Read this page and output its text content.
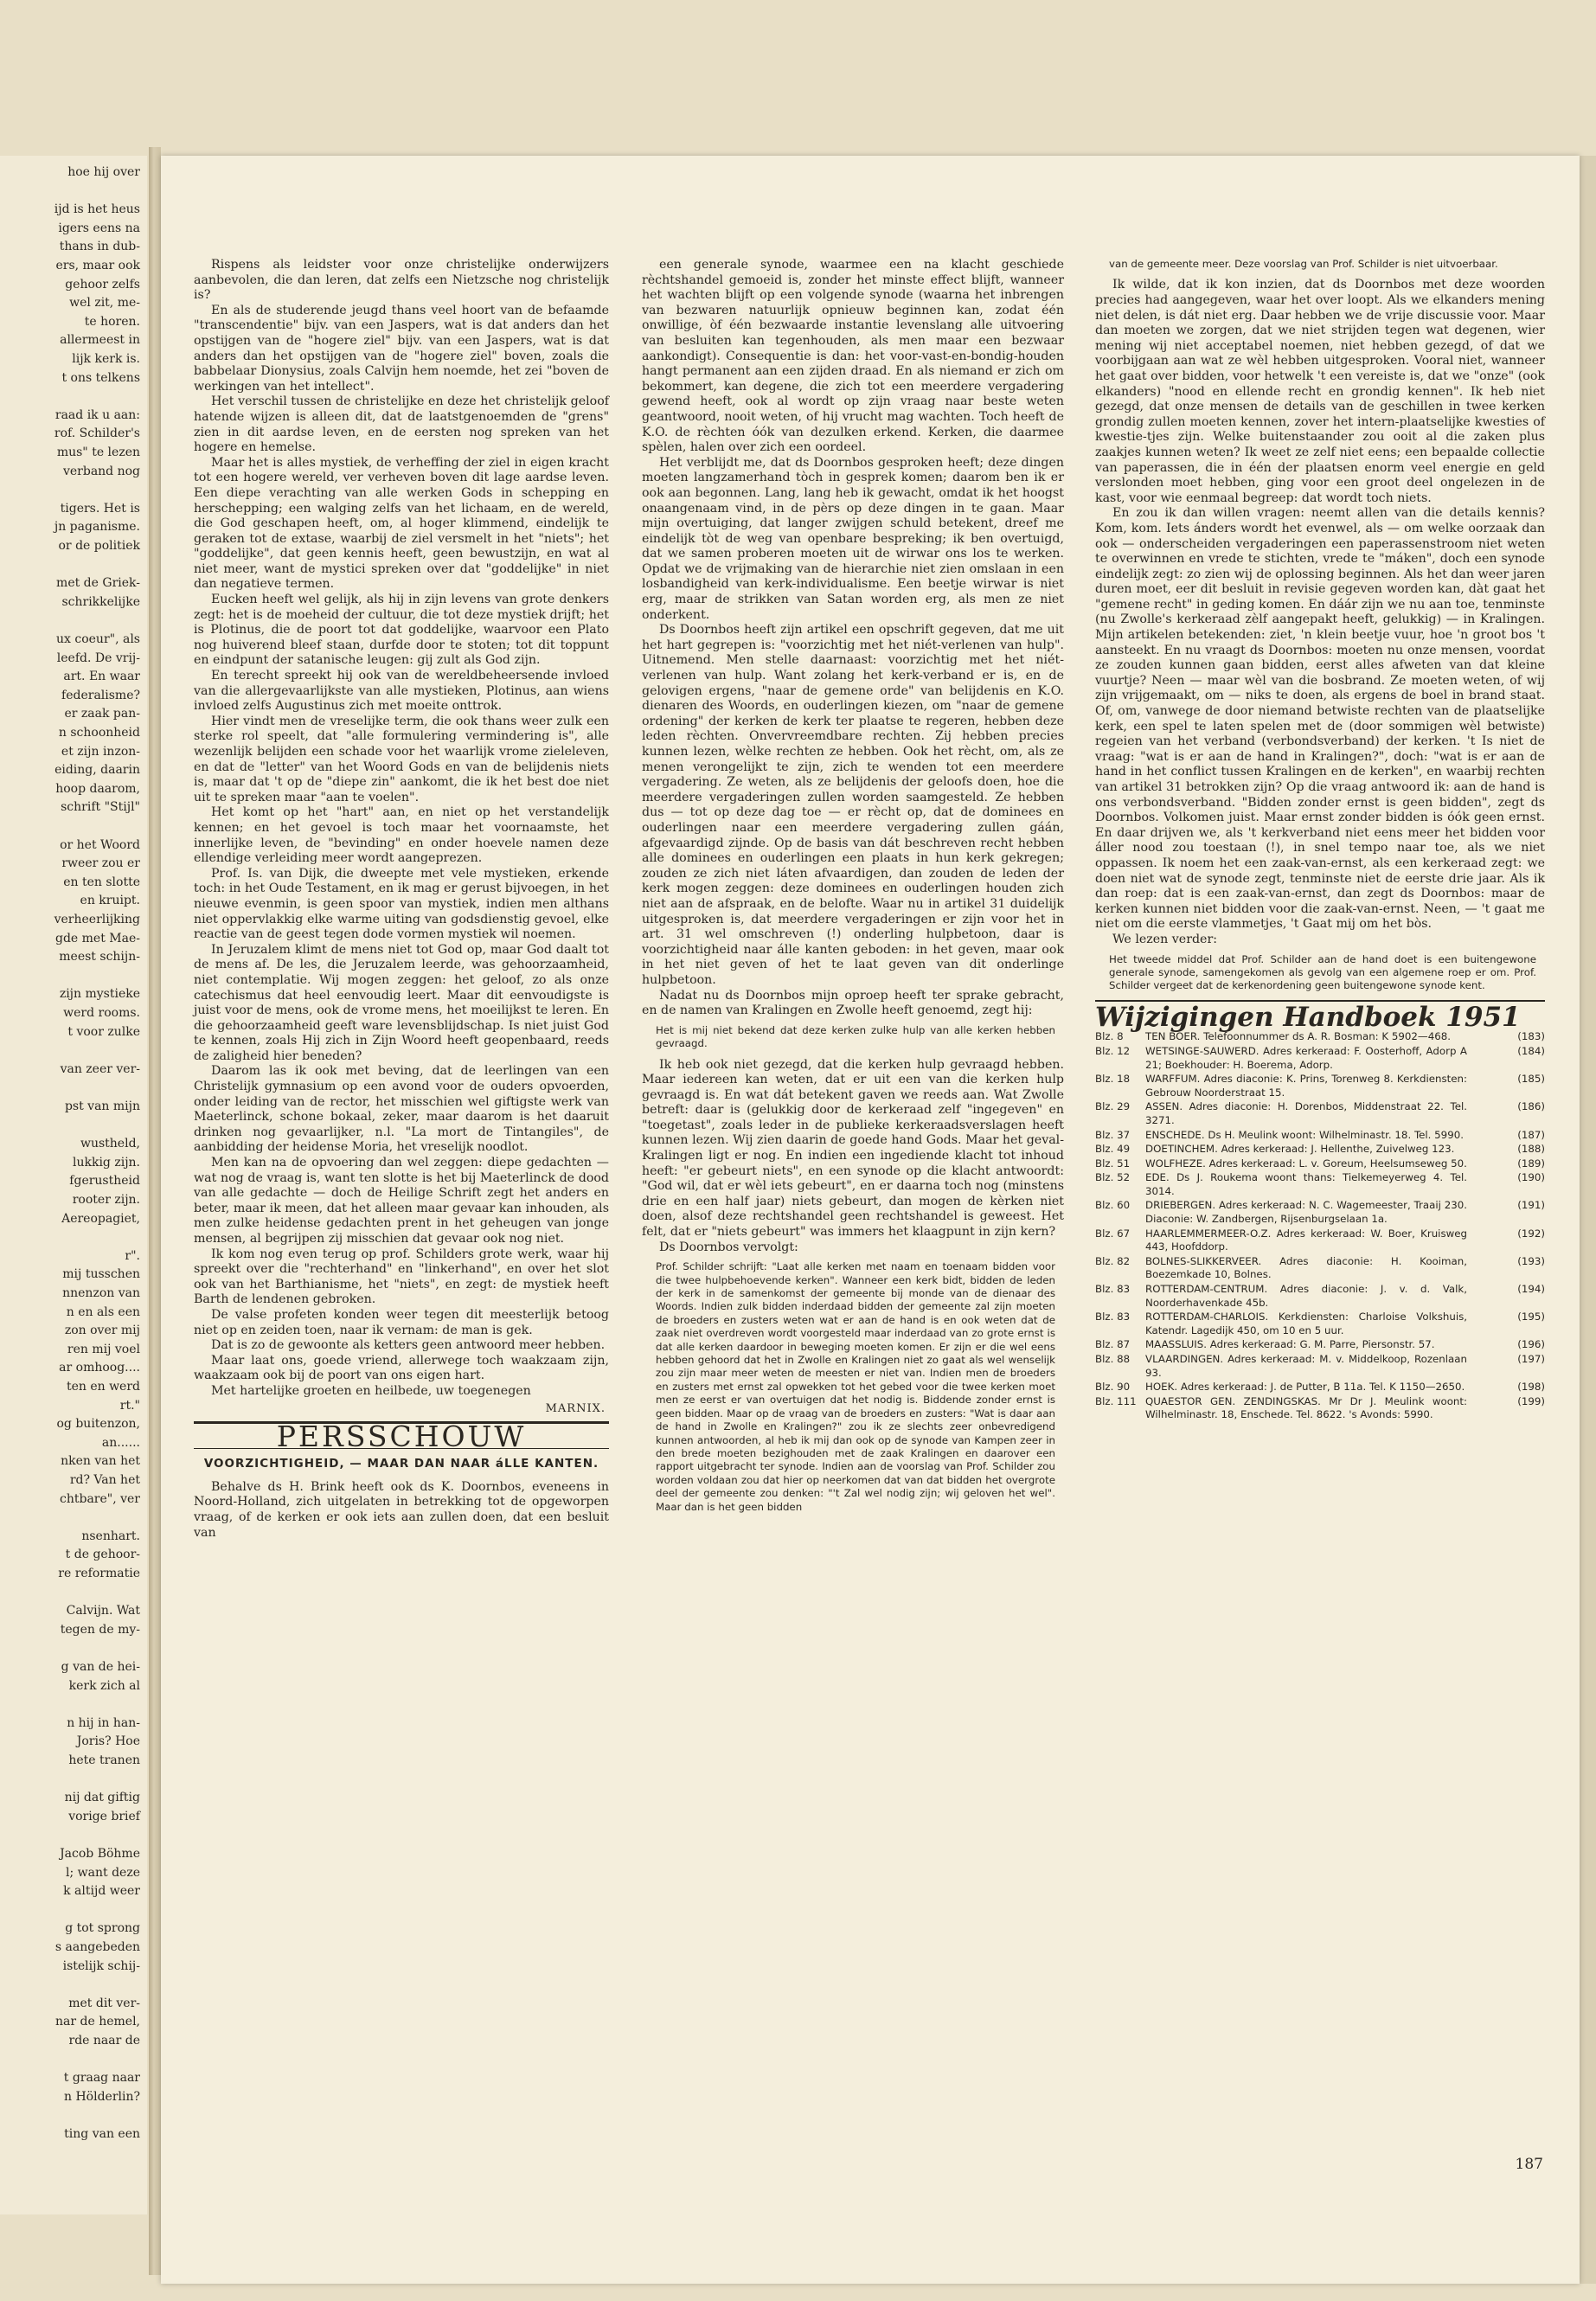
hoe hij over
ijd is het heus
igers eens na
thans in dub-
ers, maar ook
gehoor zelfs
wel zit, me-
te horen.
allermeest in
lijk kerk is.
t ons telkens
raad ik u aan:
rof. Schilder's
mus" te lezen
verband nog
tigers. Het is
jn paganisme.
or de politiek
met de Griek-
schrikkelijke
ux coeur", als
leefd. De vrij-
art. En waar
federalisme?
er zaak pan-
n schoonheid
et zijn inzon-
eiding, daarin
hoop daarom,
schrift "Stijl"
or het Woord
rweer zou er
en ten slotte
en kruipt.
verheerlijking
gde met Mae-
meest schijn-
zijn mystieke
werd rooms.
t voor zulke
van zeer ver-
pst van mijn
wustheld,
lukkig zijn.
fgerustheid
rooter zijn.
Aereopagiet,
r".
mij tusschen
nnenzon van
n en als een
zon over mij
ren mij voel
ar omhoog....
ten en werd
rt."
og buitenzon,
an......
nken van het
rd? Van het
chtbare", ver
nsenhart.
t de gehoor-
re reformatie
Calvijn. Wat
tegen de my-
g van de hei-
kerk zich al
n hij in han-
Joris? Hoe
hete tranen
nij dat giftig
vorige brief
Jacob Böhme
l; want deze
k altijd weer
g tot sprong
s aangebeden
istelijk schij-
met dit ver-
nar de hemel,
rde naar de
t graag naar
n Hölderlin?
ting van een

Rispens als leidster voor onze christelijke onderwijzers aanbevolen, die dan leren, dat zelfs een Nietzsche nog christelijk is?

En als de studerende jeugd thans veel hoort van de befaamde "transcendentie" bijv. van een Jaspers, wat is dat anders dan het opstijgen van de "hogere ziel" bijv. van een Jaspers, wat is dat anders dan het opstijgen van de "hogere ziel" boven, zoals die babbelaar Dionysius, zoals Calvijn hem noemde, het zei "boven de werkingen van het intellect".

Het verschil tussen de christelijke en deze het christelijk geloof hatende wijzen is alleen dit, dat de laatstgenoemden de "grens" zien in dit aardse leven, en de eersten nog spreken van het hogere en hemelse.

Maar het is alles mystiek, de verheffing der ziel in eigen kracht tot een hogere wereld, ver verheven boven dit lage aardse leven. Een diepe verachting van alle werken Gods in schepping en herschepping; een walging zelfs van het lichaam, en de wereld, die God geschapen heeft, om, al hoger klimmend, eindelijk te geraken tot de extase, waarbij de ziel versmelt in het "niets"; het "goddelijke", dat geen kennis heeft, geen bewustzijn, en wat al niet meer, want de mystici spreken over dat "goddelijke" in niet dan negatieve termen.

Eucken heeft wel gelijk, als hij in zijn levens van grote denkers zegt: het is de moeheid der cultuur, die tot deze mystiek drijft; het is Plotinus, die de poort tot dat goddelijke, waarvoor een Plato nog huiverend bleef staan, durfde door te stoten; tot dit toppunt en eindpunt der satanische leugen: gij zult als God zijn.

En terecht spreekt hij ook van de wereldbeheersende invloed van die allergevaarlijkste van alle mystieken, Plotinus, aan wiens invloed zelfs Augustinus zich met moeite onttrok.

Hier vindt men de vreselijke term, die ook thans weer zulk een sterke rol speelt, dat "alle formulering vermindering is", alle wezenlijk belijden een schade voor het waarlijk vrome zieleleven, en dat de "letter" van het Woord Gods en van de belijdenis niets is, maar dat 't op de "diepe zin" aankomt, die ik het best doe niet uit te spreken maar "aan te voelen".

Het komt op het "hart" aan, en niet op het verstandelijk kennen; en het gevoel is toch maar het voornaamste, het innerlijke leven, de "bevinding" en onder hoevele namen deze ellendige verleiding meer wordt aangeprezen.

Prof. Is. van Dijk, die dweepte met vele mystieken, erkende toch: in het Oude Testament, en ik mag er gerust bijvoegen, in het nieuwe evenmin, is geen spoor van mystiek, indien men althans niet oppervlakkig elke warme uiting van godsdienstig gevoel, elke reactie van de geest tegen dode vormen mystiek wil noemen.

In Jeruzalem klimt de mens niet tot God op, maar God daalt tot de mens af. De les, die Jeruzalem leerde, was gehoorzaamheid, niet contemplatie. Wij mogen zeggen: het geloof, zo als onze catechismus dat heel eenvoudig leert. Maar dit eenvoudigste is juist voor de mens, ook de vrome mens, het moeilijkst te leren. En die gehoorzaamheid geeft ware levensblijdschap. Is niet juist God te kennen, zoals Hij zich in Zijn Woord heeft geopenbaard, reeds de zaligheid hier beneden?

Daarom las ik ook met beving, dat de leerlingen van een Christelijk gymnasium op een avond voor de ouders opvoerden, onder leiding van de rector, het misschien wel giftigste werk van Maeterlinck, schone bokaal, zeker, maar daarom is het daaruit drinken nog gevaarlijker, n.l. "La mort de Tintangiles", de aanbidding der heidense Moria, het vreselijk noodlot.

Men kan na de opvoering dan wel zeggen: diepe gedachten — wat nog de vraag is, want ten slotte is het bij Maeterlinck de dood van alle gedachte — doch de Heilige Schrift zegt het anders en beter, maar ik meen, dat het alleen maar gevaar kan inhouden, als men zulke heidense gedachten prent in het geheugen van jonge mensen, al begrijpen zij misschien dat gevaar ook nog niet.

Ik kom nog even terug op prof. Schilders grote werk, waar hij spreekt over die "rechterhand" en "linkerhand", en over het slot ook van het Barthianisme, het "niets", en zegt: de mystiek heeft Barth de lendenen gebroken.

De valse profeten konden weer tegen dit meesterlijk betoog niet op en zeiden toen, naar ik vernam: de man is gek.

Dat is zo de gewoonte als ketters geen antwoord meer hebben.

Maar laat ons, goede vriend, allerwege toch waakzaam zijn, waakzaam ook bij de poort van ons eigen hart.

Met hartelijke groeten en heilbede, uw toegenegen

MARNIX.
PERSSCHOUW
VOORZICHTIGHEID, — MAAR DAN NAAR áLLE KANTEN.

Behalve ds H. Brink heeft ook ds K. Doornbos, eveneens in Noord-Holland, zich uitgelaten in betrekking tot de opgeworpen vraag, of de kerken er ook iets aan zullen doen, dat een besluit van

een generale synode, waarmee een na klacht geschiede rèchtshandel gemoeid is, zonder het minste effect blijft, wanneer het wachten blijft op een volgende synode (waarna het inbrengen van bezwaren natuurlijk opnieuw beginnen kan, zodat één onwillige, òf één bezwaarde instantie levenslang alle uitvoering van besluiten kan tegenhouden, als men maar een bezwaar aankondigt). Consequentie is dan: het voor-vast-en-bondig-houden hangt permanent aan een zijden draad. En als niemand er zich om bekommert, kan degene, die zich tot een meerdere vergadering gewend heeft, ook al wordt op zijn vraag naar beste weten geantwoord, nooit weten, of hij vrucht mag wachten. Toch heeft de K.O. de rèchten óók van dezulken erkend. Kerken, die daarmee spèlen, halen over zich een oordeel.

Het verblijdt me, dat ds Doornbos gesproken heeft; deze dingen moeten langzamerhand tòch in gesprek komen; daarom ben ik er ook aan begonnen. Lang, lang heb ik gewacht, omdat ik het hoogst onaangenaam vind, in de pèrs op deze dingen in te gaan. Maar mijn overtuiging, dat langer zwijgen schuld betekent, dreef me eindelijk tòt de weg van openbare bespreking; ik ben overtuigd, dat we samen proberen moeten uit de wirwar ons los te werken. Opdat we de vrijmaking van de hierarchie niet zien omslaan in een losbandigheid van kerk-individualisme. Een beetje wirwar is niet erg, maar de strikken van Satan worden erg, als men ze niet onderkent.

Ds Doornbos heeft zijn artikel een opschrift gegeven, dat me uit het hart gegrepen is: "voorzichtig met het niét-verlenen van hulp". Uitnemend. Men stelle daarnaast: voorzichtig met het niét-verlenen van hulp. Want zolang het kerk-verband er is, en de gelovigen ergens, "naar de gemene orde" van belijdenis en K.O. dienaren des Woords, en ouderlingen kiezen, om "naar de gemene ordening" der kerken de kerk ter plaatse te regeren, hebben deze leden rèchten. Onvervreemdbare rechten. Zij hebben precies kunnen lezen, wèlke rechten ze hebben. Ook het rècht, om, als ze menen verongelijkt te zijn, zich te wenden tot een meerdere vergadering. Ze weten, als ze belijdenis der geloofs doen, hoe die meerdere vergaderingen zullen worden saamgesteld. Ze hebben dus — tot op deze dag toe — er rècht op, dat de dominees en ouderlingen naar een meerdere vergadering zullen gáán, afgevaardigd zijnde. Op de basis van dát beschreven recht hebben alle dominees en ouderlingen een plaats in hun kerk gekregen; zouden ze zich niet láten afvaardigen, dan zouden de leden der kerk mogen zeggen: deze dominees en ouderlingen houden zich niet aan de afspraak, en de belofte. Waar nu in artikel 31 duidelijk uitgesproken is, dat meerdere vergaderingen er zijn voor het in art. 31 wel omschreven (!) onderling hulpbetoon, daar is voorzichtigheid naar álle kanten geboden: in het geven, maar ook in het niet geven of het te laat geven van dit onderlinge hulpbetoon.

Nadat nu ds Doornbos mijn oproep heeft ter sprake gebracht, en de namen van Kralingen en Zwolle heeft genoemd, zegt hij:

Het is mij niet bekend dat deze kerken zulke hulp van alle kerken hebben gevraagd.

Ik heb ook niet gezegd, dat die kerken hulp gevraagd hebben. Maar iedereen kan weten, dat er uit een van die kerken hulp gevraagd is. En wat dát betekent gaven we reeds aan. Wat Zwolle betreft: daar is (gelukkig door de kerkeraad zelf "ingegeven" en "toegetast", zoals leder in de publieke kerkeraadsverslagen heeft kunnen lezen. Wij zien daarin de goede hand Gods. Maar het geval-Kralingen ligt er nog. En indien een ingediende klacht tot inhoud heeft: "er gebeurt niets", en een synode op die klacht antwoordt: "God wil, dat er wèl iets gebeurt", en er daarna toch nog (minstens drie en een half jaar) niets gebeurt, dan mogen de kèrken niet doen, alsof deze rechtshandel geen rechtshandel is geweest. Het felt, dat er "niets gebeurt" was immers het klaagpunt in zijn kern?

Ds Doornbos vervolgt:

Prof. Schilder schrijft: "Laat alle kerken met naam en toenaam bidden voor die twee hulpbehoevende kerken". Wanneer een kerk bidt, bidden de leden der kerk in de samenkomst der gemeente bij monde van de dienaar des Woords. Indien zulk bidden inderdaad bidden der gemeente zal zijn moeten de broeders en zusters weten wat er aan de hand is en ook weten dat de zaak niet overdreven wordt voorgesteld maar inderdaad van zo grote ernst is dat alle kerken daardoor in beweging moeten komen. Er zijn er die wel eens hebben gehoord dat het in Zwolle en Kralingen niet zo gaat als wel wenselijk zou zijn maar meer weten de meesten er niet van. Indien men de broeders en zusters met ernst zal opwekken tot het gebed voor die twee kerken moet men ze eerst er van overtuigen dat het nodig is. Biddende zonder ernst is geen bidden. Maar op de vraag van de broeders en zusters: "Wat is daar aan de hand in Zwolle en Kralingen?" zou ik ze slechts zeer onbevredigend kunnen antwoorden, al heb ik mij dan ook op de synode van Kampen zeer in den brede moeten bezighouden met de zaak Kralingen en daarover een rapport uitgebracht ter synode. Indien aan de voorslag van Prof. Schilder zou worden voldaan zou dat hier op neerkomen dat van dat bidden het overgrote deel der gemeente zou denken: "'t Zal wel nodig zijn; wij geloven het wel". Maar dan is het geen bidden
van de gemeente meer. Deze voorslag van Prof. Schilder is niet uitvoerbaar.

Ik wilde, dat ik kon inzien, dat ds Doornbos met deze woorden precies had aangegeven, waar het over loopt. Als we elkanders mening niet delen, is dát niet erg. Daar hebben we de vrije discussie voor. Maar dan moeten we zorgen, dat we niet strijden tegen wat degenen, wier mening wij niet acceptabel noemen, niet hebben gezegd, of dat we voorbijgaan aan wat ze wèl hebben uitgesproken. Vooral niet, wanneer het gaat over bidden, voor hetwelk 't een vereiste is, dat we "onze" (ook elkanders) "nood en ellende recht en grondig kennen". Ik heb niet gezegd, dat onze mensen de details van de geschillen in twee kerken grondig zullen moeten kennen, zover het intern-plaatselijke kwesties of kwestie-tjes zijn. Welke buitenstaander zou ooit al die zaken plus zaakjes kunnen weten? Ik weet ze zelf niet eens; een bepaalde collectie van paperassen, die in één der plaatsen enorm veel energie en geld verslonden moet hebben, ging voor een groot deel ongelezen in de kast, voor wie eenmaal begreep: dat wordt toch niets.

En zou ik dan willen vragen: neemt allen van die details kennis? Kom, kom. Iets ánders wordt het evenwel, als — om welke oorzaak dan ook — onderscheiden vergaderingen een paperassenstroom niet weten te overwinnen en vrede te stichten, vrede te "máken", doch een synode eindelijk zegt: zo zien wij de oplossing beginnen. Als het dan weer jaren duren moet, eer dit besluit in revisie gegeven worden kan, dàt gaat het "gemene recht" in geding komen. En dáár zijn we nu aan toe, tenminste (nu Zwolle's kerkeraad zèlf aangepakt heeft, gelukkig) — in Kralingen. Mijn artikelen betekenden: ziet, 'n klein beetje vuur, hoe 'n groot bos 't aansteekt. En nu vraagt ds Doornbos: moeten nu onze mensen, voordat ze zouden kunnen gaan bidden, eerst alles afweten van dat kleine vuurtje? Neen — maar wèl van die bosbrand. Ze moeten weten, of wij zijn vrijgemaakt, om — niks te doen, als ergens de boel in brand staat. Of, om, vanwege de door niemand betwiste rechten van de plaatselijke kerk, een spel te laten spelen met de (door sommigen wèl betwiste) regeien van het verband (verbondsverband) der kerken. 't Is niet de vraag: "wat is er aan de hand in Kralingen?", doch: "wat is er aan de hand in het conflict tussen Kralingen en de kerken", en waarbij rechten van artikel 31 betrokken zijn? Op die vraag antwoord ik: aan de hand is ons verbondsverband. "Bidden zonder ernst is geen bidden", zegt ds Doornbos. Volkomen juist. Maar ernst zonder bidden is óók geen ernst. En daar drijven we, als 't kerkverband niet eens meer het bidden voor áller nood zou toestaan (!), in snel tempo naar toe, als we niet oppassen. Ik noem het een zaak-van-ernst, als een kerkeraad zegt: we doen niet wat de synode zegt, tenminste niet de eerste drie jaar. Als ik dan roep: dat is een zaak-van-ernst, dan zegt ds Doornbos: maar de kerken kunnen niet bidden voor die zaak-van-ernst. Neen, — 't gaat me niet om die eerste vlammetjes, 't Gaat mij om het bòs.

We lezen verder:

Het tweede middel dat Prof. Schilder aan de hand doet is een buitengewone generale synode, samengekomen als gevolg van een algemene roep er om. Prof. Schilder vergeet dat de kerkenordening geen buitengewone synode kent.
Wijzigingen Handboek 1951
Blz. 8	TEN BOER. Telefoonnummer ds A. R. Bosman: K 5902—468.	(183)

Blz. 12	WETSINGE-SAUWERD. Adres kerkeraad: F. Oosterhoff, Adorp A 21; Boekhouder: H. Boerema, Adorp.	(184)

Blz. 18	WARFFUM. Adres diaconie: K. Prins, Torenweg 8. Kerkdiensten: Gebrouw Noorderstraat 15.	(185)

Blz. 29	ASSEN. Adres diaconie: H. Dorenbos, Middenstraat 22. Tel. 3271.	(186)

Blz. 37	ENSCHEDE. Ds H. Meulink woont: Wilhelminastr. 18. Tel. 5990.	(187)

Blz. 49	DOETINCHEM. Adres kerkeraad: J. Hellenthe, Zuivelweg 123.	(188)

Blz. 51	WOLFHEZE. Adres kerkeraad: L. v. Goreum, Heelsumseweg 50.	(189)

Blz. 52	EDE. Ds J. Roukema woont thans: Tielkemeyerweg 4. Tel. 3014.	(190)

Blz. 60	DRIEBERGEN. Adres kerkeraad: N. C. Wagemeester, Traaij 230. Diaconie: W. Zandbergen, Rijsenburgselaan 1a.	(191)

Blz. 67	HAARLEMMERMEER-O.Z. Adres kerkeraad: W. Boer, Kruisweg 443, Hoofddorp.	(192)

Blz. 82	BOLNES-SLIKKERVEER. Adres diaconie: H. Kooiman, Boezemkade 10, Bolnes.	(193)

Blz. 83	ROTTERDAM-CENTRUM. Adres diaconie: J. v. d. Valk, Noorderhavenkade 45b.	(194)

Blz. 83	ROTTERDAM-CHARLOIS. Kerkdiensten: Charloise Volkshuis, Katendr. Lagedijk 450, om 10 en 5 uur.	(195)

Blz. 87	MAASSLUIS. Adres kerkeraad: G. M. Parre, Piersonstr. 57.	(196)

Blz. 88	VLAARDINGEN. Adres kerkeraad: M. v. Middelkoop, Rozenlaan 93.	(197)

Blz. 90	HOEK. Adres kerkeraad: J. de Putter, B 11a. Tel. K 1150—2650.	(198)

Blz. 111	QUAESTOR GEN. ZENDINGSKAS. Mr Dr J. Meulink woont: Wilhelminastr. 18, Enschede. Tel. 8622. 's Avonds: 5990.	(199)
187
